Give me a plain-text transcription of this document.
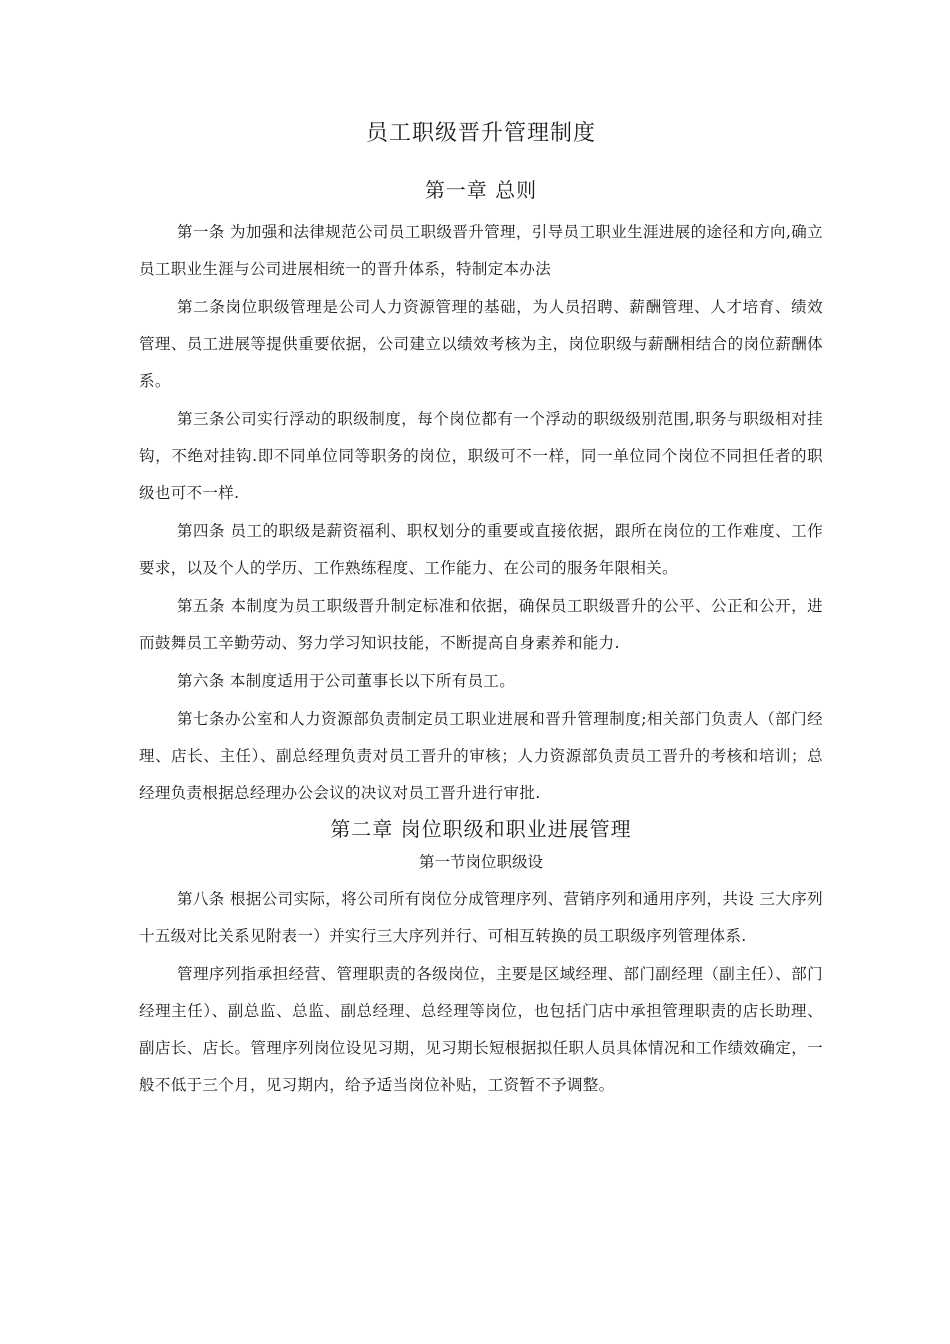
员工职级晋升管理制度
第一章 总则

第一条 为加强和法律规范公司员工职级晋升管理，引导员工职业生涯进展的途径和方向,确立员工职业生涯与公司进展相统一的晋升体系，特制定本办法

第二条岗位职级管理是公司人力资源管理的基础，为人员招聘、薪酬管理、人才培育、绩效管理、员工进展等提供重要依据，公司建立以绩效考核为主，岗位职级与薪酬相结合的岗位薪酬体系。

第三条公司实行浮动的职级制度，每个岗位都有一个浮动的职级级别范围,职务与职级相对挂钩，不绝对挂钩.即不同单位同等职务的岗位，职级可不一样，同一单位同个岗位不同担任者的职级也可不一样.

第四条 员工的职级是薪资福利、职权划分的重要或直接依据，跟所在岗位的工作难度、工作要求，以及个人的学历、工作熟练程度、工作能力、在公司的服务年限相关。

第五条 本制度为员工职级晋升制定标准和依据，确保员工职级晋升的公平、公正和公开，进而鼓舞员工辛勤劳动、努力学习知识技能，不断提高自身素养和能力.

第六条 本制度适用于公司董事长以下所有员工。

第七条办公室和人力资源部负责制定员工职业进展和晋升管理制度;相关部门负责人（部门经理、店长、主任）、副总经理负责对员工晋升的审核；人力资源部负责员工晋升的考核和培训；总经理负责根据总经理办公会议的决议对员工晋升进行审批.

第二章 岗位职级和职业进展管理
第一节岗位职级设

第八条 根据公司实际，将公司所有岗位分成管理序列、营销序列和通用序列，共设 三大序列十五级对比关系见附表一）并实行三大序列并行、可相互转换的员工职级序列管理体系.

管理序列指承担经营、管理职责的各级岗位，主要是区域经理、部门副经理（副主任）、部门经理主任）、副总监、总监、副总经理、总经理等岗位，也包括门店中承担管理职责的店长助理、副店长、店长。管理序列岗位设见习期，见习期长短根据拟任职人员具体情况和工作绩效确定，一般不低于三个月，见习期内，给予适当岗位补贴，工资暂不予调整。
